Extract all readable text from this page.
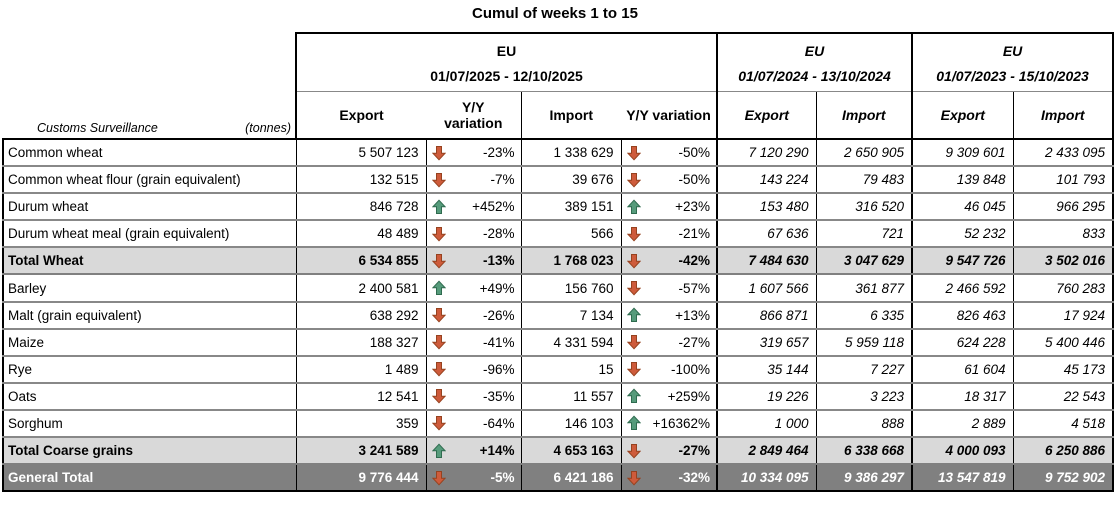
Cumul of weeks 1 to 15
Customs Surveillance (tonnes)	EU
01/07/2025 - 12/10/2025				EU
01/07/2024 - 13/10/2024		EU
01/07/2023 - 15/10/2023	

	Export	Y/Y variation	Import	Y/Y variation	Export	Import	Export	Import
Common wheat	5 507 123	-23%	1 338 629	-50%	7 120 290	2 650 905	9 309 601	2 433 095
Common wheat flour (grain equivalent)	132 515	-7%	39 676	-50%	143 224	79 483	139 848	101 793
Durum wheat	846 728	+452%	389 151	+23%	153 480	316 520	46 045	966 295
Durum wheat meal (grain equivalent)	48 489	-28%	566	-21%	67 636	721	52 232	833
Total Wheat	6 534 855	-13%	1 768 023	-42%	7 484 630	3 047 629	9 547 726	3 502 016
Barley	2 400 581	+49%	156 760	-57%	1 607 566	361 877	2 466 592	760 283
Malt (grain equivalent)	638 292	-26%	7 134	+13%	866 871	6 335	826 463	17 924
Maize	188 327	-41%	4 331 594	-27%	319 657	5 959 118	624 228	5 400 446
Rye	1 489	-96%	15	-100%	35 144	7 227	61 604	45 173
Oats	12 541	-35%	11 557	+259%	19 226	3 223	18 317	22 543
Sorghum	359	-64%	146 103	+16362%	1 000	888	2 889	4 518
Total Coarse grains	3 241 589	+14%	4 653 163	-27%	2 849 464	6 338 668	4 000 093	6 250 886
General Total	9 776 444	-5%	6 421 186	-32%	10 334 095	9 386 297	13 547 819	9 752 902
